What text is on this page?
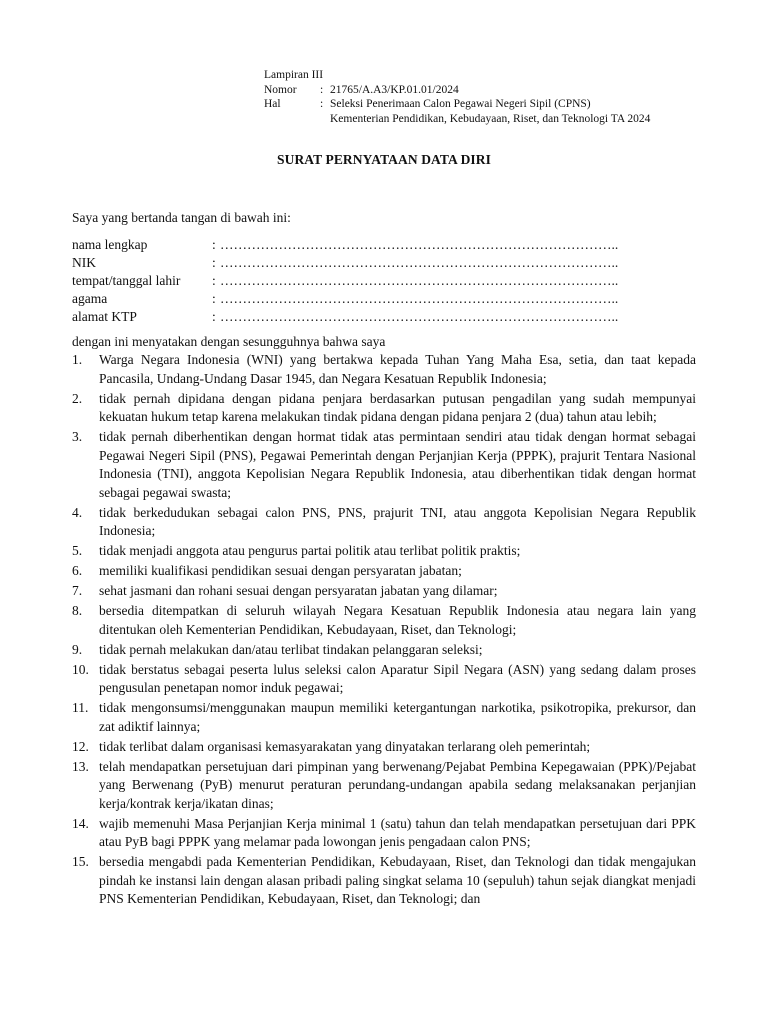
Lampiran III
Nomor	: 21765/A.A3/KP.01.01/2024
Hal	: Seleksi Penerimaan Calon Pegawai Negeri Sipil (CPNS)
Kementerian Pendidikan, Kebudayaan, Riset, dan Teknologi TA 2024
SURAT PERNYATAAN DATA DIRI
Saya yang bertanda tangan di bawah ini:
nama lengkap	: ……………………………………………………………………………..
NIK	: ……………………………………………………………………………..
tempat/tanggal lahir	: ……………………………………………………………………………..
agama	: ……………………………………………………………………………..
alamat KTP	: ……………………………………………………………………………..
dengan ini menyatakan dengan sesungguhnya bahwa saya
1.	Warga Negara Indonesia (WNI) yang bertakwa kepada Tuhan Yang Maha Esa, setia, dan taat kepada Pancasila, Undang-Undang Dasar 1945, dan Negara Kesatuan Republik Indonesia;
2.	tidak pernah dipidana dengan pidana penjara berdasarkan putusan pengadilan yang sudah mempunyai kekuatan hukum tetap karena melakukan tindak pidana dengan pidana penjara 2 (dua) tahun atau lebih;
3.	tidak pernah diberhentikan dengan hormat tidak atas permintaan sendiri atau tidak dengan hormat sebagai Pegawai Negeri Sipil (PNS), Pegawai Pemerintah dengan Perjanjian Kerja (PPPK), prajurit Tentara Nasional Indonesia (TNI), anggota Kepolisian Negara Republik Indonesia, atau diberhentikan tidak dengan hormat sebagai pegawai swasta;
4.	tidak berkedudukan sebagai calon PNS, PNS, prajurit TNI, atau anggota Kepolisian Negara Republik Indonesia;
5.	tidak menjadi anggota atau pengurus partai politik atau terlibat politik praktis;
6.	memiliki kualifikasi pendidikan sesuai dengan persyaratan jabatan;
7.	sehat jasmani dan rohani sesuai dengan persyaratan jabatan yang dilamar;
8.	bersedia ditempatkan di seluruh wilayah Negara Kesatuan Republik Indonesia atau negara lain yang ditentukan oleh Kementerian Pendidikan, Kebudayaan, Riset, dan Teknologi;
9.	tidak pernah melakukan dan/atau terlibat tindakan pelanggaran seleksi;
10. tidak berstatus sebagai peserta lulus seleksi calon Aparatur Sipil Negara (ASN) yang sedang dalam proses pengusulan penetapan nomor induk pegawai;
11. tidak mengonsumsi/menggunakan maupun memiliki ketergantungan narkotika, psikotropika, prekursor, dan zat adiktif lainnya;
12. tidak terlibat dalam organisasi kemasyarakatan yang dinyatakan terlarang oleh pemerintah;
13. telah mendapatkan persetujuan dari pimpinan yang berwenang/Pejabat Pembina Kepegawaian (PPK)/Pejabat yang Berwenang (PyB) menurut peraturan perundang-undangan apabila sedang melaksanakan perjanjian kerja/kontrak kerja/ikatan dinas;
14. wajib memenuhi Masa Perjanjian Kerja minimal 1 (satu) tahun dan telah mendapatkan persetujuan dari PPK atau PyB bagi PPPK yang melamar pada lowongan jenis pengadaan calon PNS;
15. bersedia mengabdi pada Kementerian Pendidikan, Kebudayaan, Riset, dan Teknologi dan tidak mengajukan pindah ke instansi lain dengan alasan pribadi paling singkat selama 10 (sepuluh) tahun sejak diangkat menjadi PNS Kementerian Pendidikan, Kebudayaan, Riset, dan Teknologi; dan
